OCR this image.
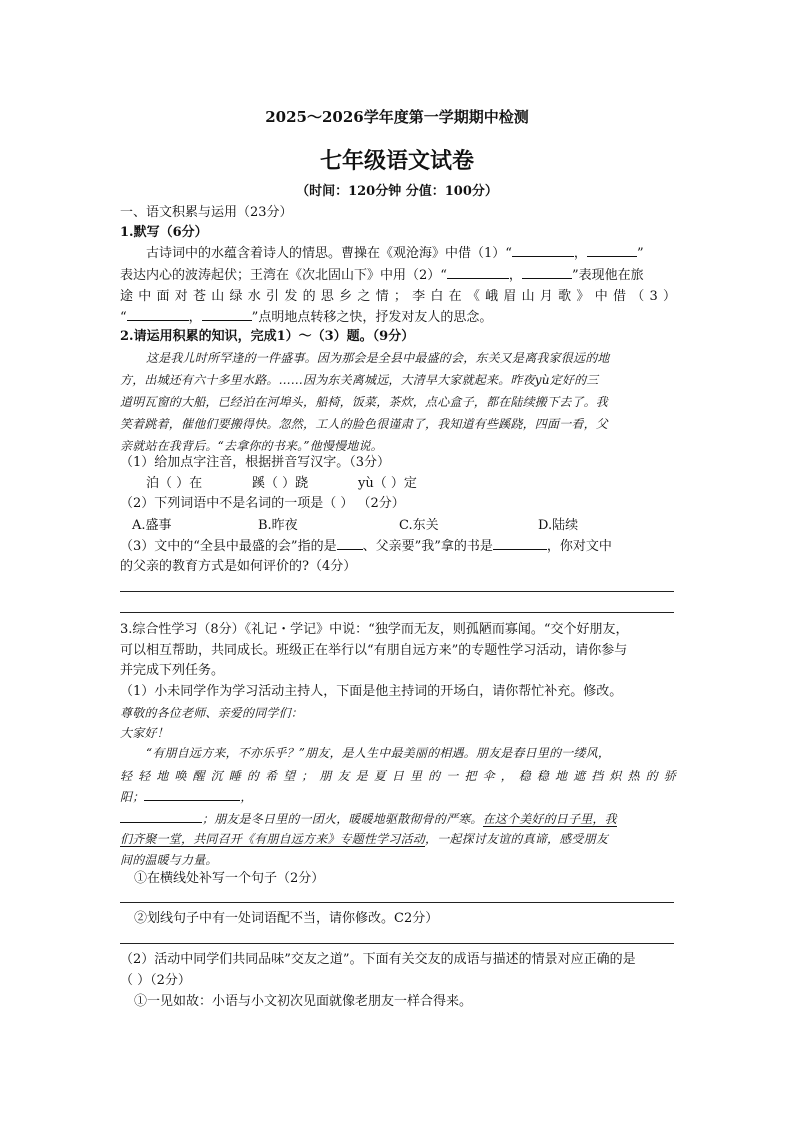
2025～2026学年度第一学期期中检测
七年级语文试卷
（时间：120分钟 分值：100分）
一、语文积累与运用（23分）
1.默写（6分）
古诗词中的水蕴含着诗人的情思。曹操在《观沧海》中借（1）“	，	”
表达内心的波涛起伏；王湾在《次北固山下》中用（2）“	，	”表现他在旅
途中面对苍山绿水引发的思乡之情；李白在《峨眉山月歌》中借（3）
“	，	”点明地点转移之快，抒发对友人的思念。
2.请运用积累的知识，完成1）～（3）题。（9分）
这是我儿时所罕逢的一件盛事。因为那会是全县中最盛的会，东关又是离我家很远的地
方，出城还有六十多里水路。……因为东关离城远，大清早大家就起来。昨夜yù定好的三
道明瓦窗的大船，已经泊在河埠头，船椅，饭菜，茶炊，点心盒子，都在陆续搬下去了。我
笑着跳着，催他们要搬得快。忽然，工人的脸色很谨肃了，我知道有些蹊跷，四面一看，父
亲就站在我背后。“去拿你的书来。”他慢慢地说。
（1）给加点字注音，根据拼音写汉字。（3分）
泊（ ）在	蹊（ ）跷	yù（ ）定
（2）下列词语中不是名词的一项是（ ） （2分）
A.盛事	B.昨夜	C.东关	D.陆续
（3）文中的“全县中最盛的会”指的是 、父亲要”我”拿的书是	，你对文中
的父亲的教育方式是如何评价的?（4分）
3.综合性学习（8分）《礼记・学记》中说：“独学而无友，则孤陋而寡闻。“交个好朋友，
可以相互帮助，共同成长。班级正在举行以“有朋自远方来”的专题性学习活动，请你参与
并完成下列任务。
（1）小未同学作为学习活动主持人，下面是他主持词的开场白，请你帮忙补充。修改。
尊敬的各位老师、亲爱的同学们：
大家好！
“有朋自远方来，不亦乐乎？”朋友，是人生中最美丽的相遇。朋友是春日里的一缕风，
轻轻地唤醒沉睡的希望；朋友是夏日里的一把伞，稳稳地遮挡炽热的骄
阳；	，
；朋友是冬日里的一团火，暖暖地驱散彻骨的严寒。在这个美好的日子里，我
们齐聚一堂，共同召开《有朋自远方来》专题性学习活动，一起探讨友谊的真谛，感受朋友
间的温暖与力量。
①在横线处补写一个句子（2分）
②划线句子中有一处词语配不当，请你修改。C2分）
（2）活动中同学们共同品味”交友之道”。下面有关交友的成语与描述的情景对应正确的是
（ ）（2分）
①一见如故：小语与小文初次见面就像老朋友一样合得来。
